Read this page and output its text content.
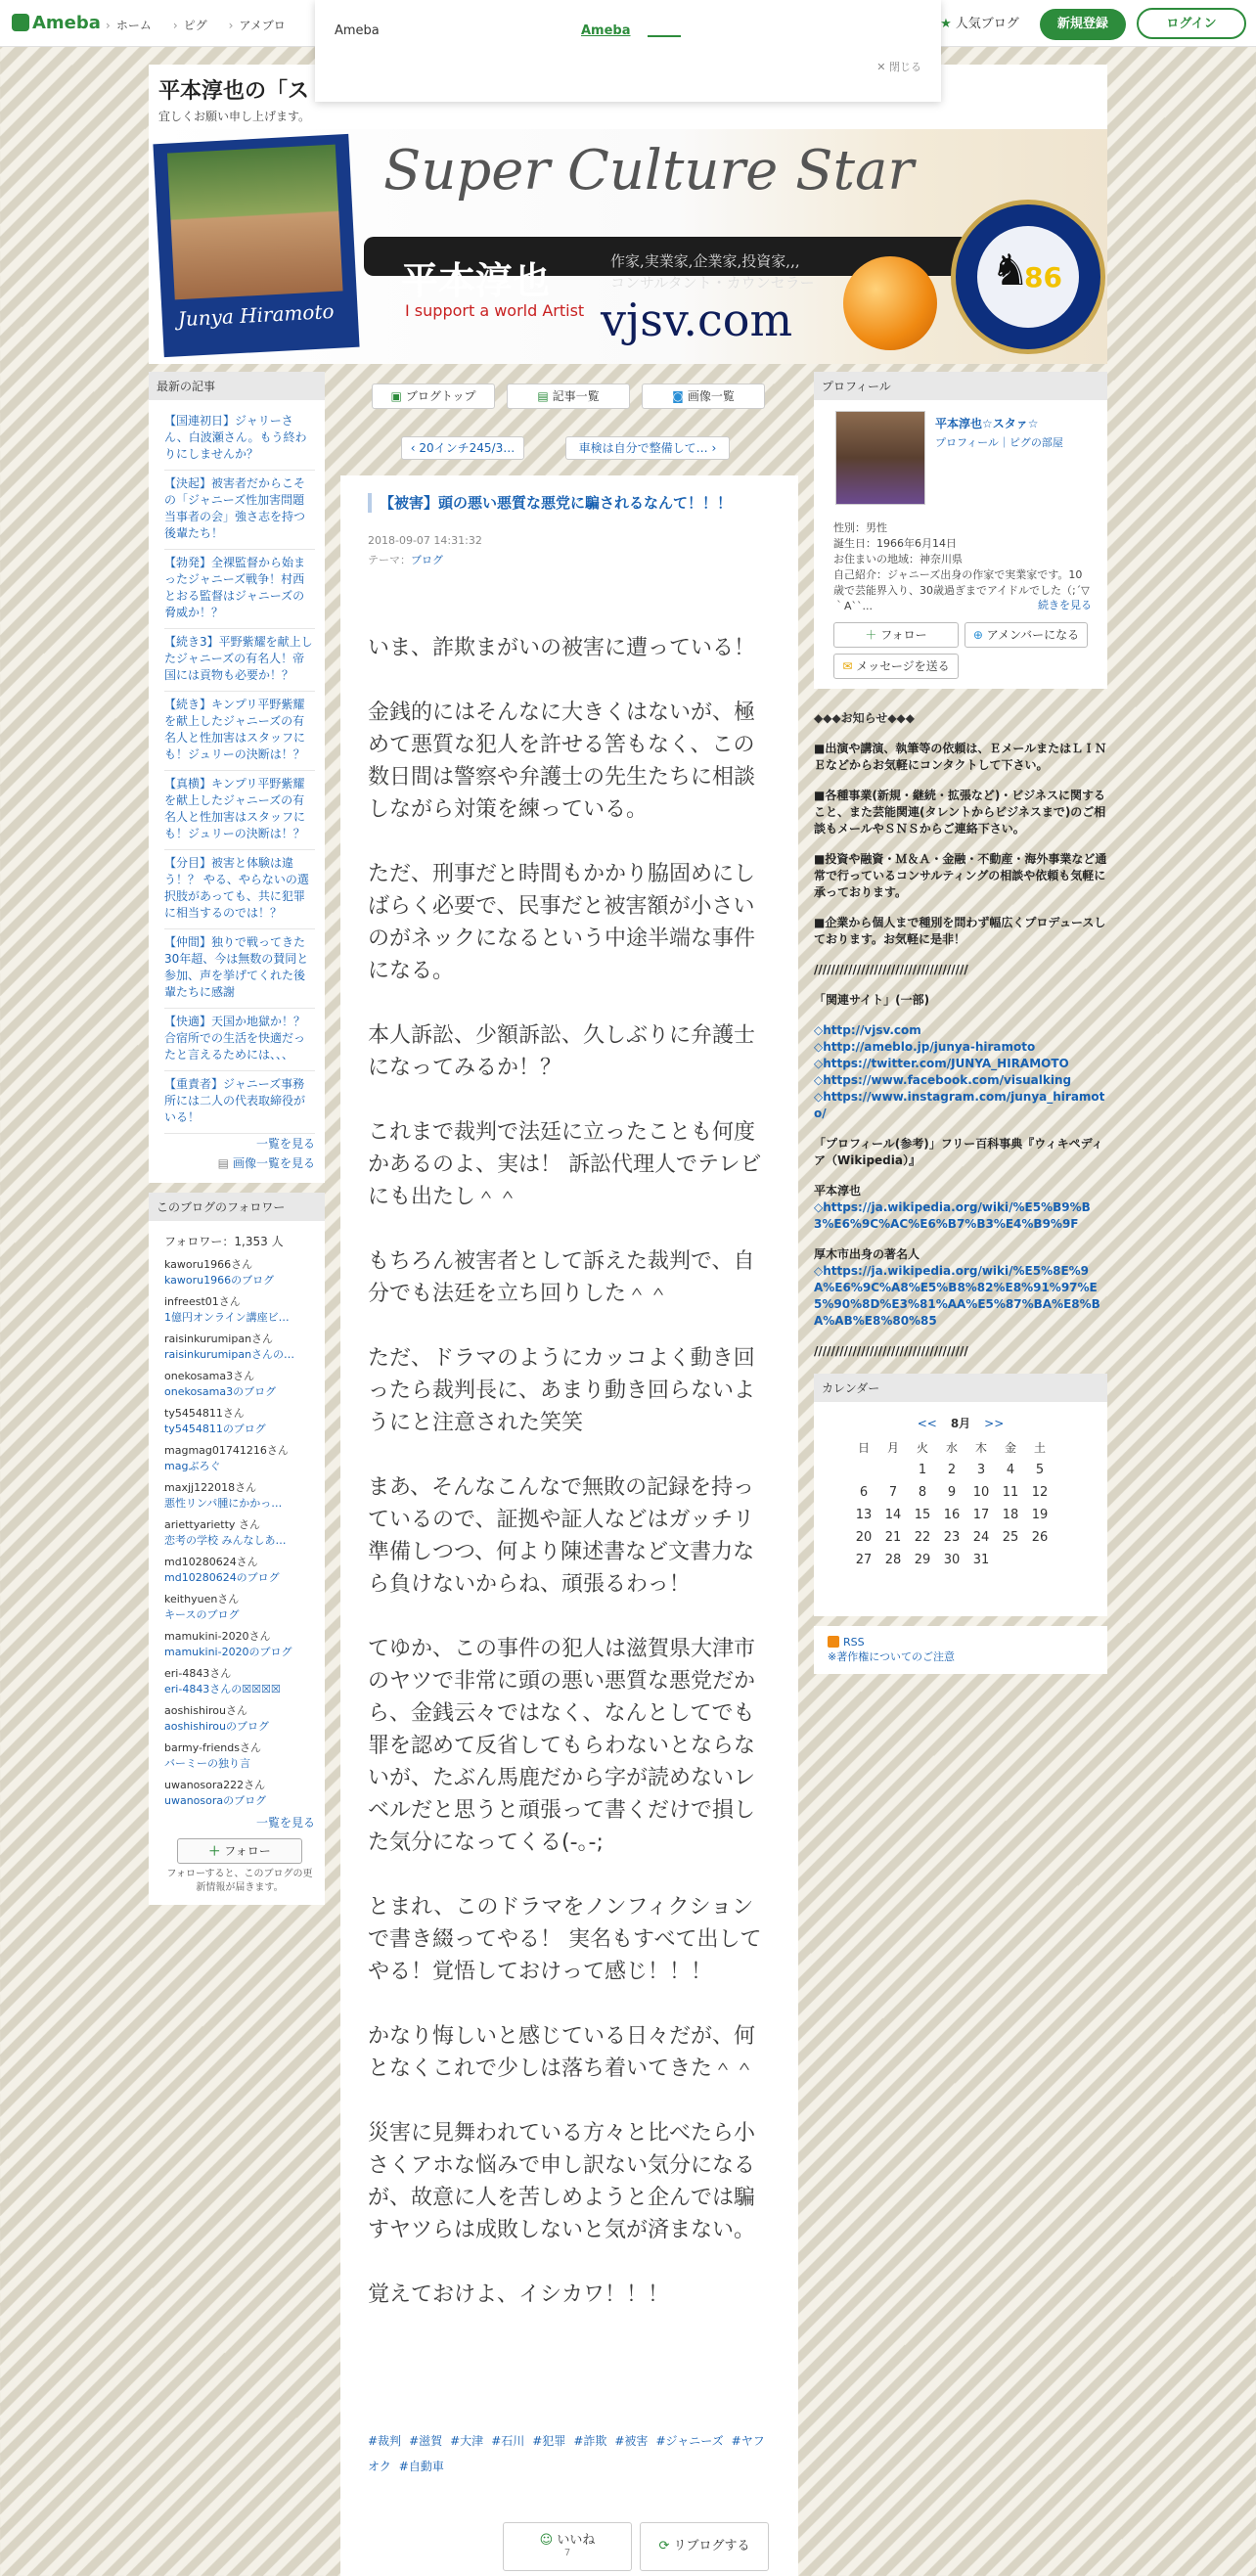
Ameba	› ホーム	› ピグ	› アメブロ	★ 人気ブログ	新規登録	ログイン
Ameba	Ameba
✕ 閉じる
平本淳也の「ス
宜しくお願い申し上げます。
Junya Hiramoto
Super Culture Star
平本淳也	作家,実業家,企業家,投資家,,,
コンサルタント・カウンセラー
I support a world Artist vjsv.com
♞
86
最新の記事
【国連初日】ジャリーさん、白波瀬さん。もう終わりにしませんか？
【決起】被害者だからこその「ジャニーズ性加害問題当事者の会」強さ志を持つ後輩たち！
【勃発】全裸監督から始まったジャニーズ戦争！村西とおる監督はジャニーズの脅威か！？
【続き3】平野紫耀を献上したジャニーズの有名人！帝国には貢物も必要か！？
【続き】キンプリ平野紫耀を献上したジャニーズの有名人と性加害はスタッフにも！ジュリーの決断は！？
【真横】キンプリ平野紫耀を献上したジャニーズの有名人と性加害はスタッフにも！ジュリーの決断は！？
【分目】被害と体験は違う！？ やる、やらないの選択肢があっても、共に犯罪に相当するのでは！？
【仲間】独りで戦ってきた30年超、今は無数の賛同と参加、声を挙げてくれた後輩たちに感謝
【快適】天国か地獄か！？合宿所での生活を快適だったと言えるためには、、、
【重責者】ジャニーズ事務所には二人の代表取締役がいる！
一覧を見る
▤ 画像一覧を見る
このブログのフォロワー
フォロワー：1,353 人
kaworu1966さん
kaworu1966のブログ
infreest01さん
1億円オンライン講座ビ…
raisinkurumipanさん
raisinkurumipanさんの…
onekosama3さん
onekosama3のブログ
ty5454811さん
ty5454811のブログ
magmag01741216さん
magぶろぐ
maxjj122018さん
悪性リンパ腫にかかっ…
ariettyarietty さん
恋考の学校 みんなしあ…
md10280624さん
md10280624のブログ
keithyuenさん
キースのブログ
mamukini-2020さん
mamukini-2020のブログ
eri-4843さん
eri-4843さんの☒☒☒☒
aoshishirouさん
aoshishirouのブログ
barmy-friendsさん
バーミーの独り言
uwanosora222さん
uwanosoraのブログ
一覧を見る
＋ フォロー
フォローすると、このブログの更新情報が届きます。
▣ ブログトップ	▤ 記事一覧	◙ 画像一覧
‹ 20インチ245/3…	車検は自分で整備して… ›
【被害】頭の悪い悪質な悪党に騙されるなんて！！！
2018-09-07 14:31:32
テーマ：ブログ

いま、詐欺まがいの被害に遭っている！

金銭的にはそんなに大きくはないが、極めて悪質な犯人を許せる筈もなく、この数日間は警察や弁護士の先生たちに相談しながら対策を練っている。

ただ、刑事だと時間もかかり脇固めにしばらく必要で、民事だと被害額が小さいのがネックになるという中途半端な事件になる。

本人訴訟、少額訴訟、久しぶりに弁護士になってみるか！？

これまで裁判で法廷に立ったことも何度かあるのよ、実は！ 訴訟代理人でテレビにも出たし＾＾

もちろん被害者として訴えた裁判で、自分でも法廷を立ち回りした＾＾

ただ、ドラマのようにカッコよく動き回ったら裁判長に、あまり動き回らないようにと注意された笑笑

まあ、そんなこんなで無敗の記録を持っているので、証拠や証人などはガッチリ準備しつつ、何より陳述書など文書力なら負けないからね、頑張るわっ！

てゆか、この事件の犯人は滋賀県大津市のヤツで非常に頭の悪い悪質な悪党だから、金銭云々ではなく、なんとしてでも罪を認めて反省してもらわないとならないが、たぶん馬鹿だから字が読めないレベルだと思うと頑張って書くだけで損した気分になってくる(-｡-;

とまれ、このドラマをノンフィクションで書き綴ってやる！ 実名もすべて出してやる！覚悟しておけって感じ！！！

かなり悔しいと感じている日々だが、何となくこれで少しは落ち着いてきた＾＾

災害に見舞われている方々と比べたら小さくアホな悩みで申し訳ない気分になるが、故意に人を苦しめようと企んでは騙すヤツらは成敗しないと気が済まない。

覚えておけよ、イシカワ！！！

#裁判 #滋賀 #大津 #石川 #犯罪 #詐欺 #被害 #ジャニーズ #ヤフオク #自動車
☺ いいね
7	⟳ リブログする
プロフィール
平本淳也☆スタァ☆
プロフィール｜ピグの部屋
性別：男性
誕生日：1966年6月14日
お住まいの地域：神奈川県
自己紹介：ジャニーズ出身の作家で実業家です。10歳で芸能界入り、30歳過ぎまでアイドルでした（;´▽｀A``...	続きを見る
＋ フォロー	⊕ アメンバーになる
✉ メッセージを送る
◆◆◆お知らせ◆◆◆

■出演や講演、執筆等の依頼は、ＥメールまたはＬＩＮＥなどからお気軽にコンタクトして下さい。

■各種事業(新規・継続・拡張など)・ビジネスに関すること、また芸能関連(タレントからビジネスまで)のご相談もメールやＳＮＳからご連絡下さい。

■投資や融資・Ｍ＆Ａ・金融・不動産・海外事業など通常で行っているコンサルティングの相談や依頼も気軽に承っております。

■企業から個人まで種別を問わず幅広くプロデュースしております。お気軽に是非！

////////////////////////////////////

「関連サイト」(一部)

◇http://vjsv.com
◇http://ameblo.jp/junya-hiramoto
◇https://twitter.com/JUNYA_HIRAMOTO
◇https://www.facebook.com/visualking
◇https://www.instagram.com/junya_hiramoto/

「プロフィール(参考)」フリー百科事典『ウィキペディア（Wikipedia）』

平本淳也
◇https://ja.wikipedia.org/wiki/%E5%B9%B3%E6%9C%AC%E6%B7%B3%E4%B9%9F

厚木市出身の著名人
◇https://ja.wikipedia.org/wiki/%E5%8E%9A%E6%9C%A8%E5%B8%82%E8%91%97%E5%90%8D%E3%81%AA%E5%87%BA%E8%BA%AB%E8%80%85

////////////////////////////////////

カレンダー
<< 8月 >>
日	月	火	水	木	金	土
		1	2	3	4	5
6	7	8	9	10	11	12
13	14	15	16	17	18	19
20	21	22	23	24	25	26
27	28	29	30	31		
RSS
※著作権についてのご注意
